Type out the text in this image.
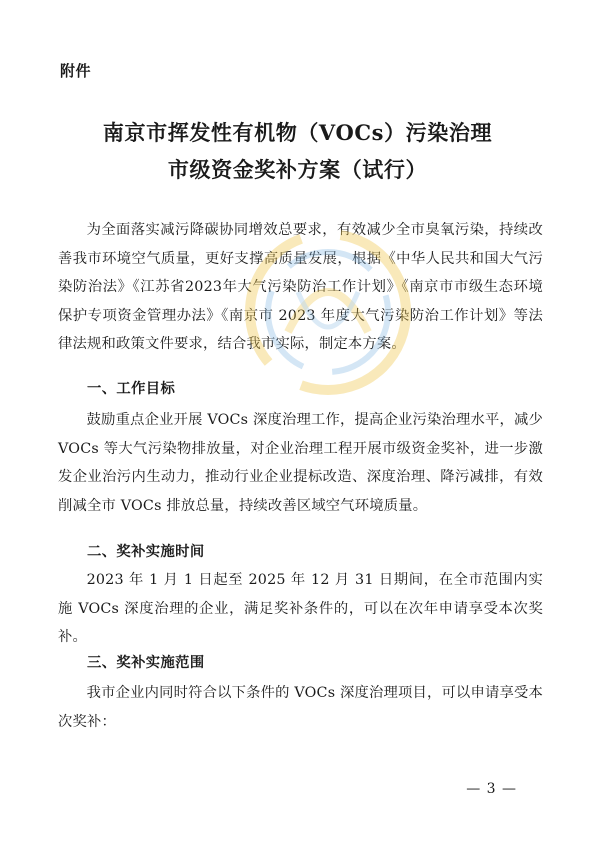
附件
南京市挥发性有机物（VOCs）污染治理
市级资金奖补方案（试行）

为全面落实减污降碳协同增效总要求，有效减少全市臭氧污染，持续改善我市环境空气质量，更好支撑高质量发展，根据《中华人民共和国大气污染防治法》《江苏省2023年大气污染防治工作计划》《南京市市级生态环境保护专项资金管理办法》《南京市 2023 年度大气污染防治工作计划》等法律法规和政策文件要求，结合我市实际，制定本方案。

一、工作目标

鼓励重点企业开展 VOCs 深度治理工作，提高企业污染治理水平，减少 VOCs 等大气污染物排放量，对企业治理工程开展市级资金奖补，进一步激发企业治污内生动力，推动行业企业提标改造、深度治理、降污减排，有效削减全市 VOCs 排放总量，持续改善区域空气环境质量。

二、奖补实施时间

2023 年 1 月 1 日起至 2025 年 12 月 31 日期间，在全市范围内实施 VOCs 深度治理的企业，满足奖补条件的，可以在次年申请享受本次奖补。

三、奖补实施范围

我市企业内同时符合以下条件的 VOCs 深度治理项目，可以申请享受本次奖补：

— 3 —
